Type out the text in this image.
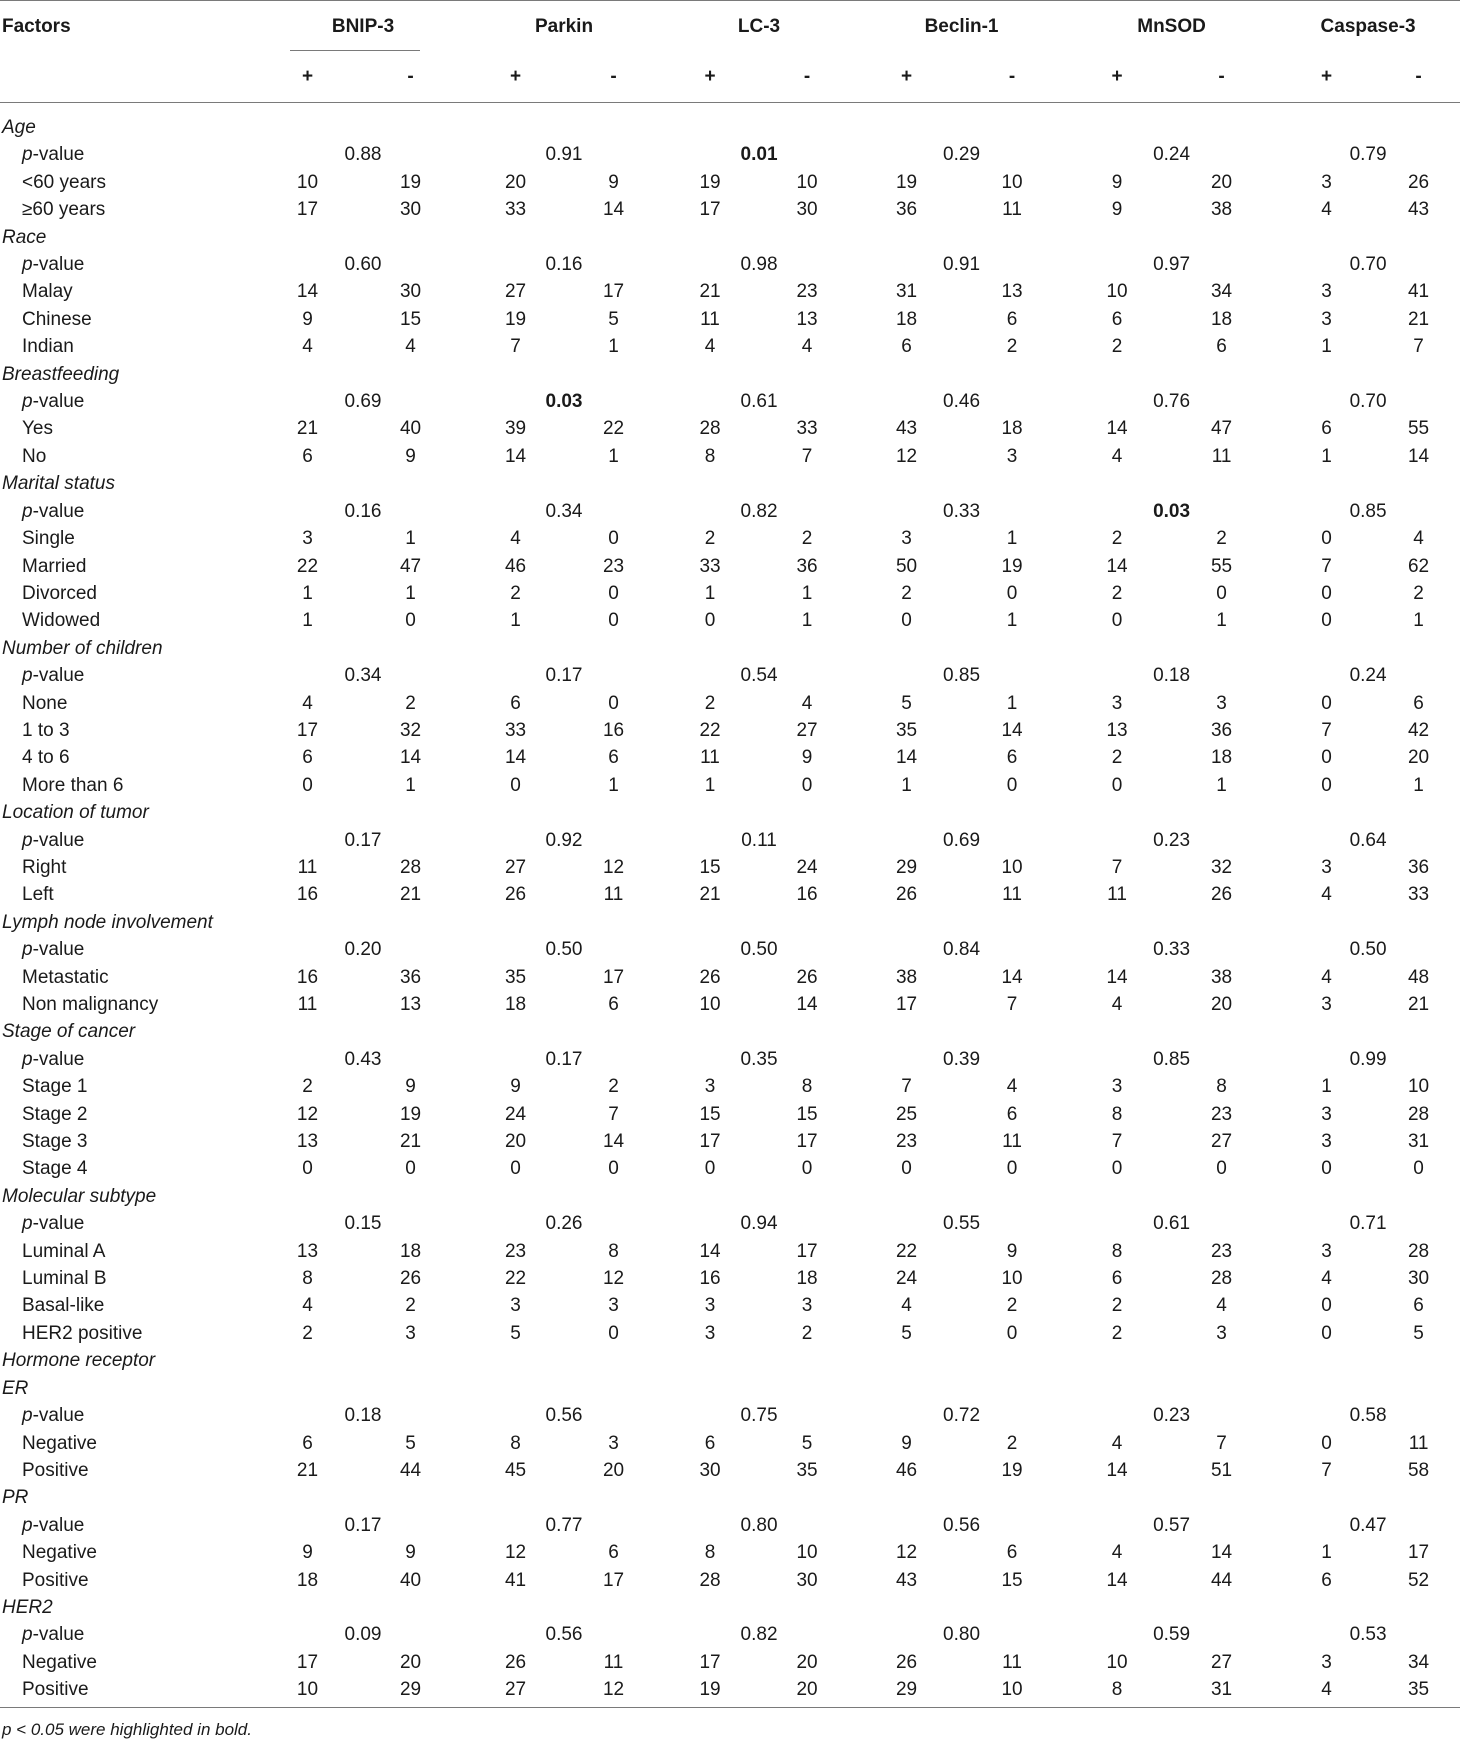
Factors	BNIP-3		Parkin		LC-3		Beclin-1		MnSOD		Caspase-3	
	+	-	+	-	+	-	+	-	+	-	+	-

Age												
p-value	0.88		0.91		0.01		0.29		0.24		0.79	
<60 years	10	19	20	9	19	10	19	10	9	20	3	26
≥60 years	17	30	33	14	17	30	36	11	9	38	4	43
Race												
p-value	0.60		0.16		0.98		0.91		0.97		0.70	
Malay	14	30	27	17	21	23	31	13	10	34	3	41
Chinese	9	15	19	5	11	13	18	6	6	18	3	21
Indian	4	4	7	1	4	4	6	2	2	6	1	7
Breastfeeding												
p-value	0.69		0.03		0.61		0.46		0.76		0.70	
Yes	21	40	39	22	28	33	43	18	14	47	6	55
No	6	9	14	1	8	7	12	3	4	11	1	14
Marital status												
p-value	0.16		0.34		0.82		0.33		0.03		0.85	
Single	3	1	4	0	2	2	3	1	2	2	0	4
Married	22	47	46	23	33	36	50	19	14	55	7	62
Divorced	1	1	2	0	1	1	2	0	2	0	0	2
Widowed	1	0	1	0	0	1	0	1	0	1	0	1
Number of children												
p-value	0.34		0.17		0.54		0.85		0.18		0.24	
None	4	2	6	0	2	4	5	1	3	3	0	6
1 to 3	17	32	33	16	22	27	35	14	13	36	7	42
4 to 6	6	14	14	6	11	9	14	6	2	18	0	20
More than 6	0	1	0	1	1	0	1	0	0	1	0	1
Location of tumor												
p-value	0.17		0.92		0.11		0.69		0.23		0.64	
Right	11	28	27	12	15	24	29	10	7	32	3	36
Left	16	21	26	11	21	16	26	11	11	26	4	33
Lymph node involvement												
p-value	0.20		0.50		0.50		0.84		0.33		0.50	
Metastatic	16	36	35	17	26	26	38	14	14	38	4	48
Non malignancy	11	13	18	6	10	14	17	7	4	20	3	21
Stage of cancer												
p-value	0.43		0.17		0.35		0.39		0.85		0.99	
Stage 1	2	9	9	2	3	8	7	4	3	8	1	10
Stage 2	12	19	24	7	15	15	25	6	8	23	3	28
Stage 3	13	21	20	14	17	17	23	11	7	27	3	31
Stage 4	0	0	0	0	0	0	0	0	0	0	0	0
Molecular subtype												
p-value	0.15		0.26		0.94		0.55		0.61		0.71	
Luminal A	13	18	23	8	14	17	22	9	8	23	3	28
Luminal B	8	26	22	12	16	18	24	10	6	28	4	30
Basal-like	4	2	3	3	3	3	4	2	2	4	0	6
HER2 positive	2	3	5	0	3	2	5	0	2	3	0	5
Hormone receptor												
ER												
p-value	0.18		0.56		0.75		0.72		0.23		0.58	
Negative	6	5	8	3	6	5	9	2	4	7	0	11
Positive	21	44	45	20	30	35	46	19	14	51	7	58
PR												
p-value	0.17		0.77		0.80		0.56		0.57		0.47	
Negative	9	9	12	6	8	10	12	6	4	14	1	17
Positive	18	40	41	17	28	30	43	15	14	44	6	52
HER2												
p-value	0.09		0.56		0.82		0.80		0.59		0.53	
Negative	17	20	26	11	17	20	26	11	10	27	3	34
Positive	10	29	27	12	19	20	29	10	8	31	4	35
p < 0.05 were highlighted in bold.
